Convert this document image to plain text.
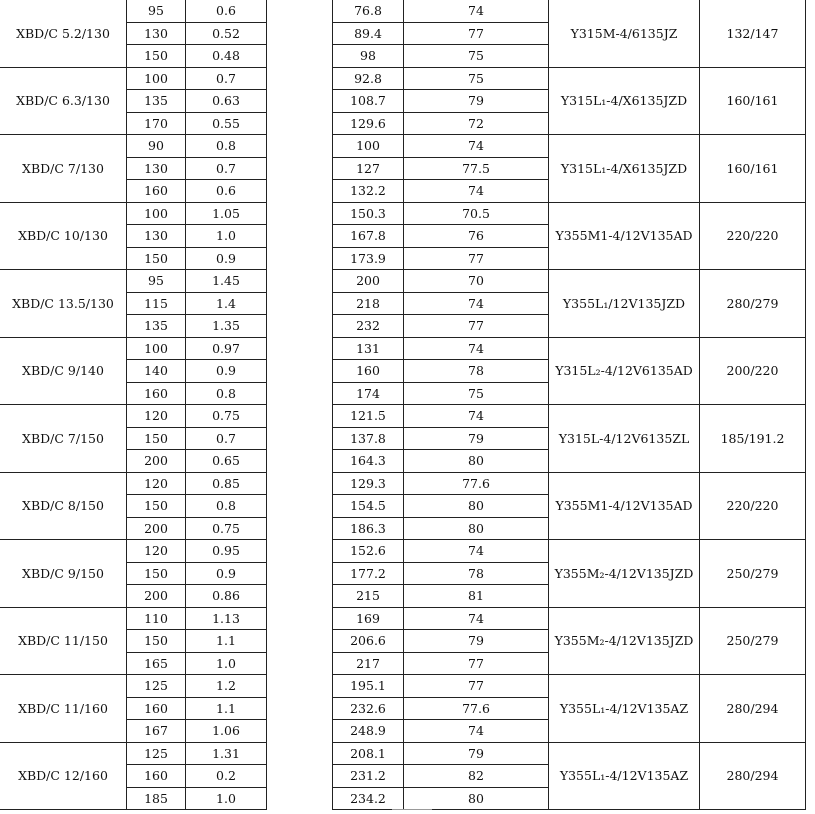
XBD/C 5.2/130	95	0.6		76.8	74	Y315M-4/6135JZ	132/147
	130	0.52		89.4	77		
	150	0.48		98	75		
XBD/C 6.3/130	100	0.7		92.8	75	Y315L₁-4/X6135JZD	160/161
	135	0.63		108.7	79		
	170	0.55		129.6	72		
XBD/C 7/130	90	0.8		100	74	Y315L₁-4/X6135JZD	160/161
	130	0.7		127	77.5		
	160	0.6		132.2	74		
XBD/C 10/130	100	1.05		150.3	70.5	Y355M1-4/12V135AD	220/220
	130	1.0		167.8	76		
	150	0.9		173.9	77		
XBD/C 13.5/130	95	1.45		200	70	Y355L₁/12V135JZD	280/279
	115	1.4		218	74		
	135	1.35		232	77		
XBD/C 9/140	100	0.97		131	74	Y315L₂-4/12V6135AD	200/220
	140	0.9		160	78		
	160	0.8		174	75		
XBD/C 7/150	120	0.75		121.5	74	Y315L-4/12V6135ZL	185/191.2
	150	0.7		137.8	79		
	200	0.65		164.3	80		
XBD/C 8/150	120	0.85		129.3	77.6	Y355M1-4/12V135AD	220/220
	150	0.8		154.5	80		
	200	0.75		186.3	80		
XBD/C 9/150	120	0.95		152.6	74	Y355M₂-4/12V135JZD	250/279
	150	0.9		177.2	78		
	200	0.86		215	81		
XBD/C 11/150	110	1.13		169	74	Y355M₂-4/12V135JZD	250/279
	150	1.1		206.6	79		
	165	1.0		217	77		
XBD/C 11/160	125	1.2		195.1	77	Y355L₁-4/12V135AZ	280/294
	160	1.1		232.6	77.6		
	167	1.06		248.9	74		
XBD/C 12/160	125	1.31		208.1	79	Y355L₁-4/12V135AZ	280/294
	160	0.2		231.2	82		
	185	1.0		234.2	80		
